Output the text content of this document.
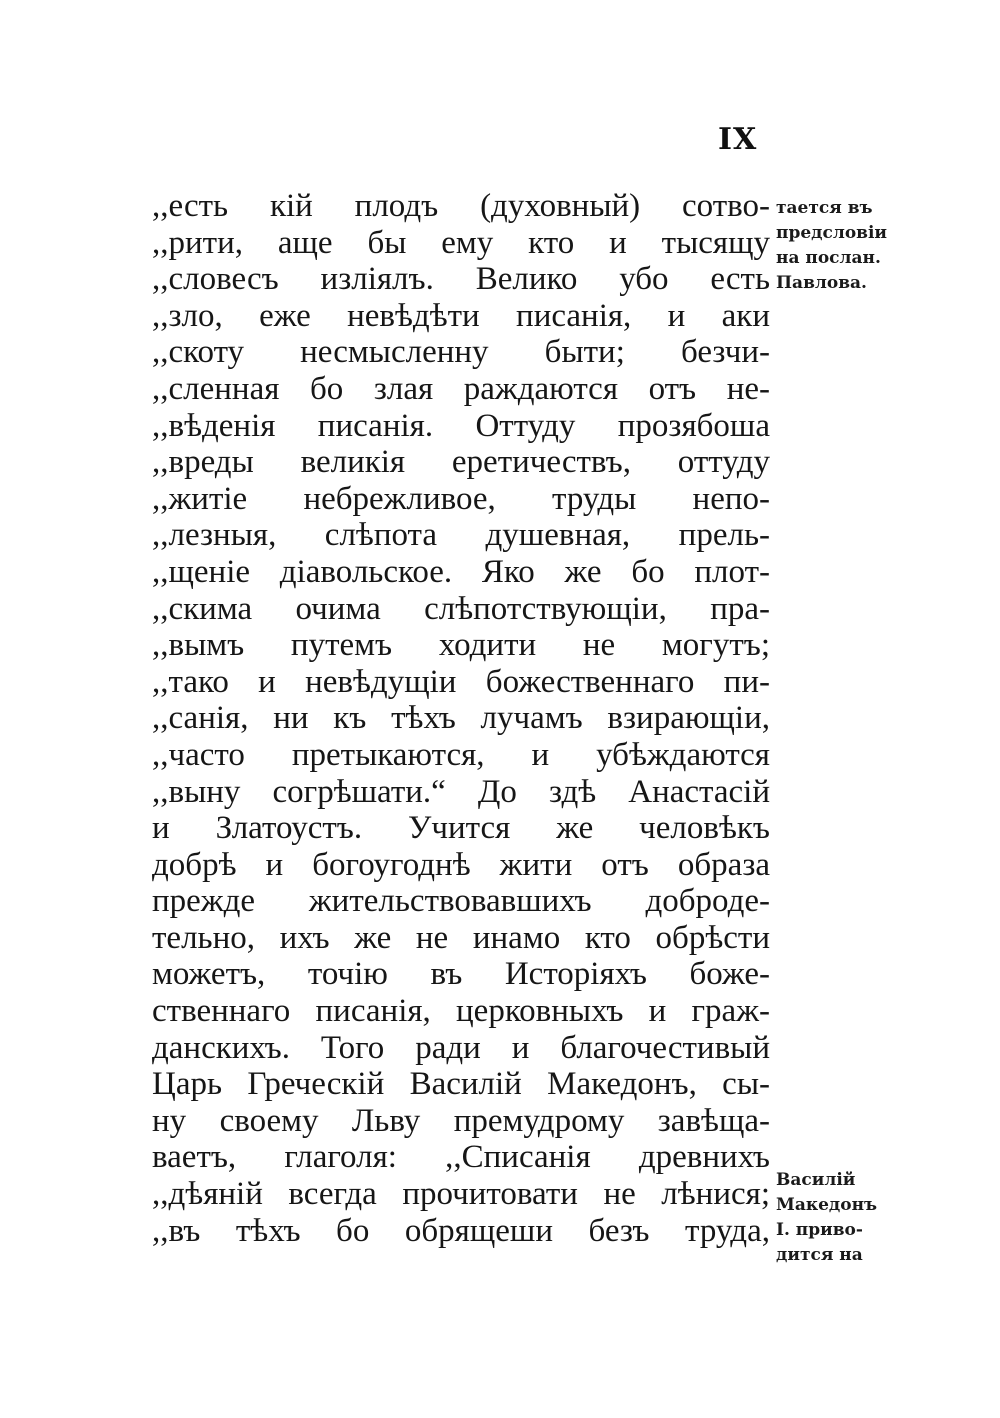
IX
,,есть кій плодъ (духовный) сотво-
,,рити, аще бы ему кто и тысящу
,,словесъ изліялъ. Велико убо есть
,,зло, еже невѣдѣти писанія, и аки
,,скоту несмысленну быти; безчи-
,,сленная бо злая раждаются отъ не-
,,вѣденія писанія. Оттуду прозябоша
,,вреды великія еретичествъ, оттуду
,,житіе небрежливое, труды непо-
,,лезныя, слѣпота душевная, прель-
,,щеніе діавольское. Яко же бо плот-
,,скима очима слѣпотствующіи, пра-
,,вымъ путемъ ходити не могутъ;
,,тако и невѣдущіи божественнаго пи-
,,санія, ни къ тѣхъ лучамъ взирающіи,
,,часто претыкаются, и убѣждаются
,,выну согрѣшати.“ До здѣ Анастасій
и Златоустъ. Учится же человѣкъ
добрѣ и богоугоднѣ жити отъ образа
прежде жительствовавшихъ доброде-
тельно, ихъ же не инамо кто обрѣсти
можетъ, точію въ Исторіяхъ боже-
ственнаго писанія, церковныхъ и граж-
данскихъ. Того ради и благочестивый
Царь Греческій Василій Македонъ, сы-
ну своему Льву премудрому завѣща-
ваетъ, глаголя: ,,Списанія древнихъ
,,дѣяній всегда прочитовати не лѣнися;
,,въ тѣхъ бо обрящеши безъ труда,
тается въ
предсловіи
на послан.
Павлова.
Василій
Македонъ
I. приво-
дится на
